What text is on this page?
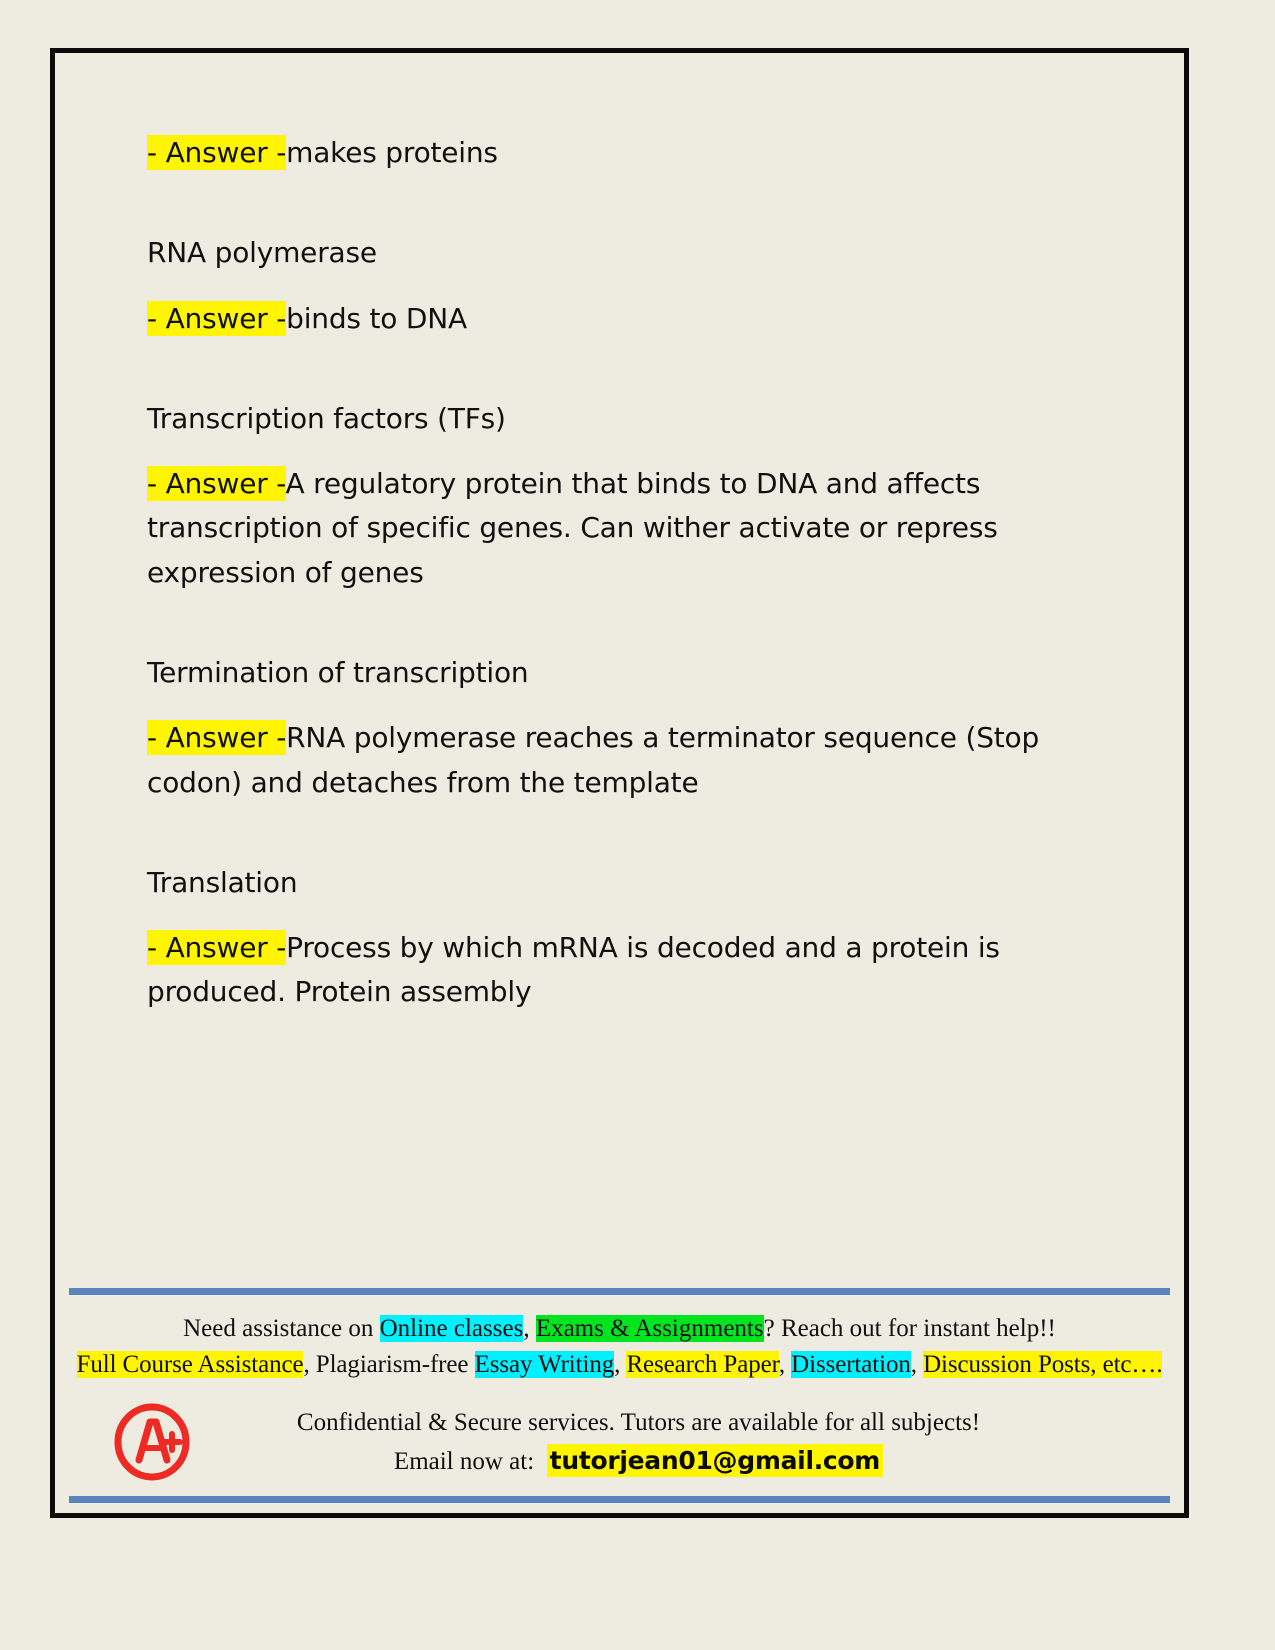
- Answer -makes proteins

RNA polymerase

- Answer -binds to DNA

Transcription factors (TFs)

- Answer -A regulatory protein that binds to DNA and affects transcription of specific genes. Can wither activate or repress expression of genes

Termination of transcription

- Answer -RNA polymerase reaches a terminator sequence (Stop codon) and detaches from the template

Translation

- Answer -Process by which mRNA is decoded and a protein is produced. Protein assembly

Need assistance on Online classes, Exams & Assignments? Reach out for instant help!!
Full Course Assistance, Plagiarism-free Essay Writing, Research Paper, Dissertation, Discussion Posts, etc….
Confidential & Secure services. Tutors are available for all subjects!
Email now at: tutorjean01@gmail.com
